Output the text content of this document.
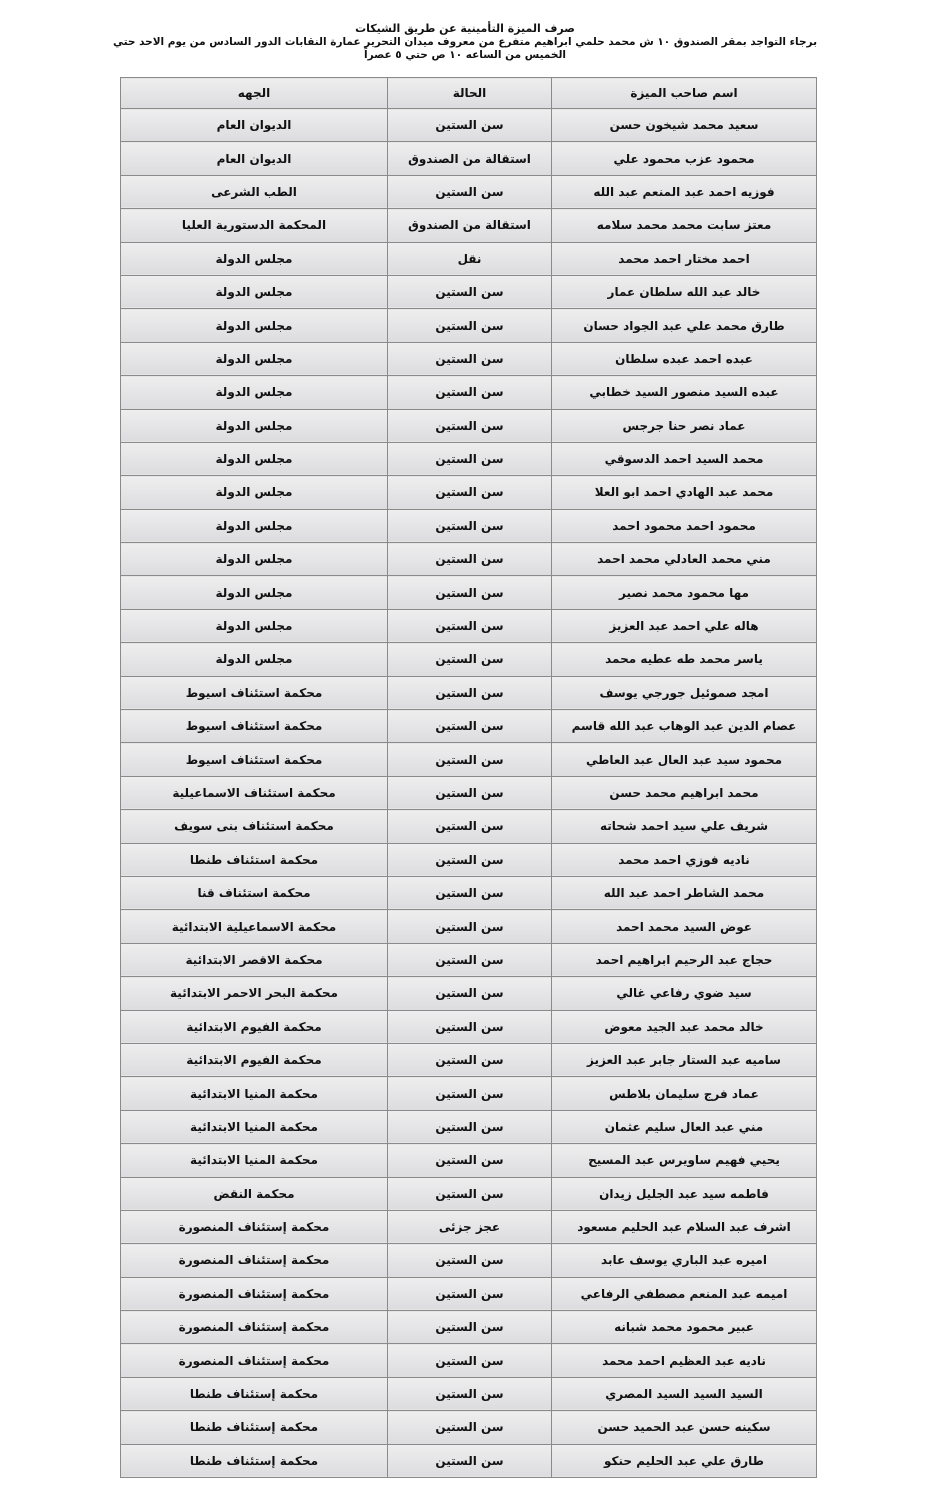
صرف الميزة التأمينية عن طريق الشيكات
برجاء التواجد بمقر الصندوق ١٠ ش محمد حلمي ابراهيم متفرع من معروف ميدان التحرير عمارة النقابات الدور السادس من يوم الاحد حتي الخميس من الساعه ١٠ ص حتي ٥ عصراً
اسم صاحب الميزة	الحالة	الجهه
سعيد محمد شيخون حسن	سن الستين	الديوان العام
محمود عزب محمود علي	استقالة من الصندوق	الديوان العام
فوزيه احمد عبد المنعم عبد الله	سن الستين	الطب الشرعى
معتز سابت محمد محمد سلامه	استقالة من الصندوق	المحكمة الدستورية العليا
احمد مختار احمد محمد	نقل	مجلس الدولة
خالد عبد الله سلطان عمار	سن الستين	مجلس الدولة
طارق محمد علي عبد الجواد حسان	سن الستين	مجلس الدولة
عبده احمد عبده سلطان	سن الستين	مجلس الدولة
عبده السيد منصور السيد خطابي	سن الستين	مجلس الدولة
عماد نصر حنا جرجس	سن الستين	مجلس الدولة
محمد السيد احمد الدسوقي	سن الستين	مجلس الدولة
محمد عبد الهادي احمد ابو العلا	سن الستين	مجلس الدولة
محمود احمد محمود احمد	سن الستين	مجلس الدولة
مني محمد العادلي محمد احمد	سن الستين	مجلس الدولة
مها محمود محمد نصير	سن الستين	مجلس الدولة
هاله علي احمد عبد العزيز	سن الستين	مجلس الدولة
ياسر محمد طه عطيه محمد	سن الستين	مجلس الدولة
امجد صموئيل جورجي يوسف	سن الستين	محكمة استئناف اسيوط
عصام الدين عبد الوهاب عبد الله قاسم	سن الستين	محكمة استئناف اسيوط
محمود سيد عبد العال عبد العاطي	سن الستين	محكمة استئناف اسيوط
محمد ابراهيم محمد حسن	سن الستين	محكمة استئناف الاسماعيلية
شريف علي سيد احمد شحاته	سن الستين	محكمة استئناف بنى سويف
ناديه فوزي احمد محمد	سن الستين	محكمة استئناف طنطا
محمد الشاطر احمد عبد الله	سن الستين	محكمة استئناف قنا
عوض السيد محمد احمد	سن الستين	محكمة الاسماعيلية الابتدائية
حجاج عبد الرحيم ابراهيم احمد	سن الستين	محكمة الاقصر الابتدائية
سيد ضوي رفاعي غالي	سن الستين	محكمة البحر الاحمر الابتدائية
خالد محمد عبد الجيد معوض	سن الستين	محكمة الفيوم الابتدائية
ساميه عبد الستار جابر عبد العزيز	سن الستين	محكمة الفيوم الابتدائية
عماد فرج سليمان بلاطس	سن الستين	محكمة المنيا الابتدائية
مني عبد العال سليم عثمان	سن الستين	محكمة المنيا الابتدائية
يحيي فهيم ساويرس عبد المسيح	سن الستين	محكمة المنيا الابتدائية
فاطمه سيد عبد الجليل زيدان	سن الستين	محكمة النقض
اشرف عبد السلام عبد الحليم مسعود	عجز جزئى	محكمة إستئناف المنصورة
اميره عبد الباري يوسف عابد	سن الستين	محكمة إستئناف المنصورة
اميمه عبد المنعم مصطفي الرفاعي	سن الستين	محكمة إستئناف المنصورة
عبير محمود محمد شبانه	سن الستين	محكمة إستئناف المنصورة
ناديه عبد العظيم احمد محمد	سن الستين	محكمة إستئناف المنصورة
السيد السيد السيد المصري	سن الستين	محكمة إستئناف طنطا
سكينه حسن عبد الحميد حسن	سن الستين	محكمة إستئناف طنطا
طارق علي عبد الحليم حنكو	سن الستين	محكمة إستئناف طنطا
